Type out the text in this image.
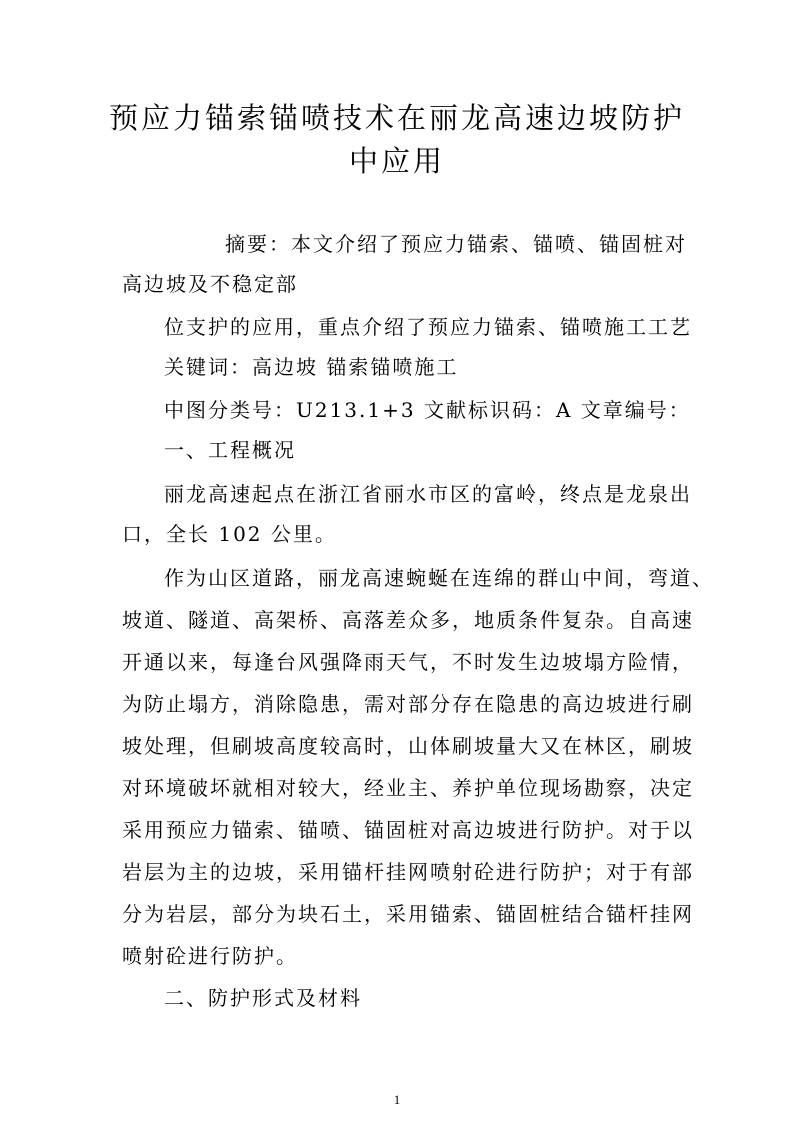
预应力锚索锚喷技术在丽龙高速边坡防护
中应用
摘要：本文介绍了预应力锚索、锚喷、锚固桩对
高边坡及不稳定部
位支护的应用，重点介绍了预应力锚索、锚喷施工工艺
关键词：高边坡 锚索锚喷施工
中图分类号：U213.1+3 文献标识码：A 文章编号：
一、工程概况
丽龙高速起点在浙江省丽水市区的富岭，终点是龙泉出
口，全长 102 公里。
作为山区道路，丽龙高速蜿蜒在连绵的群山中间，弯道、
坡道、隧道、高架桥、高落差众多，地质条件复杂。自高速
开通以来，每逢台风强降雨天气，不时发生边坡塌方险情，
为防止塌方，消除隐患，需对部分存在隐患的高边坡进行刷
坡处理，但刷坡高度较高时，山体刷坡量大又在林区，刷坡
对环境破坏就相对较大，经业主、养护单位现场勘察，决定
采用预应力锚索、锚喷、锚固桩对高边坡进行防护。对于以
岩层为主的边坡，采用锚杆挂网喷射砼进行防护；对于有部
分为岩层，部分为块石土，采用锚索、锚固桩结合锚杆挂网
喷射砼进行防护。
二、防护形式及材料
1
